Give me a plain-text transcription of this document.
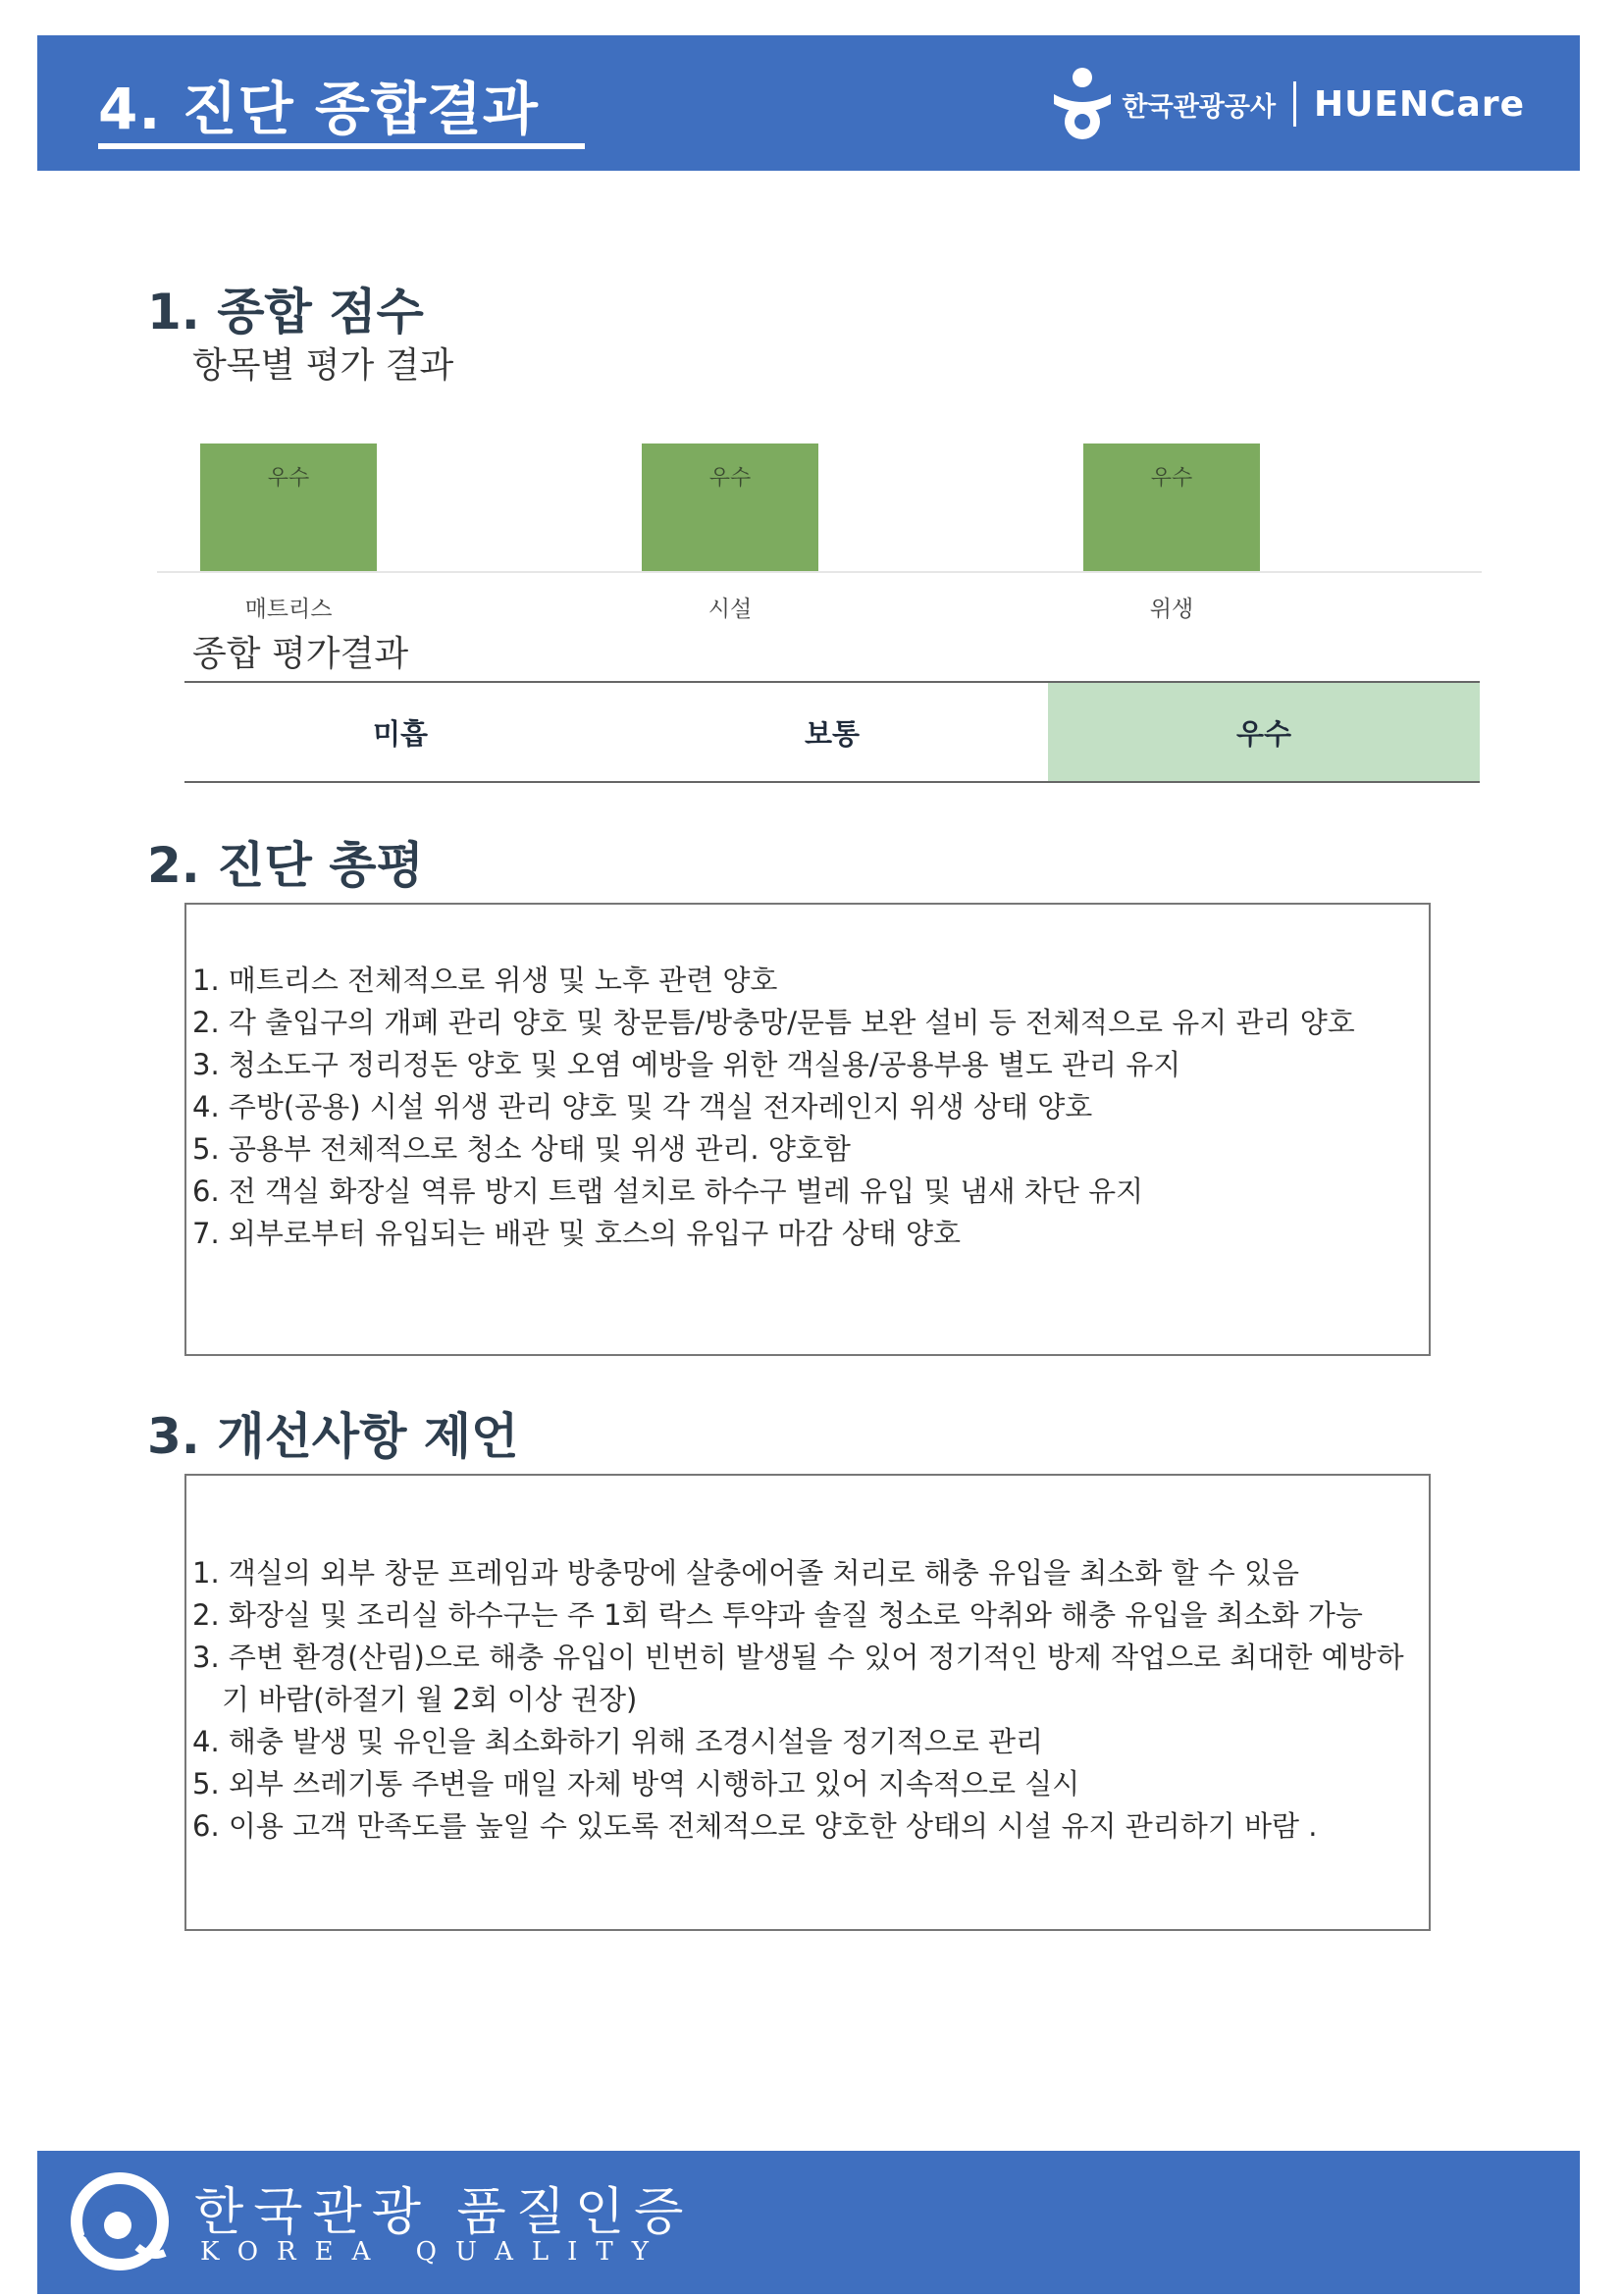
4. 진단 종합결과	한국관광공사 HUENCare
1. 종합 점수
항목별 평가 결과
우수
매트리스
우수
시설
우수
위생
종합 평가결과
미흡	보통	우수
2. 진단 총평
1. 매트리스 전체적으로 위생 및 노후 관련 양호
2. 각 출입구의 개폐 관리 양호 및 창문틈/방충망/문틈 보완 설비 등 전체적으로 유지 관리 양호
3. 청소도구 정리정돈 양호 및 오염 예방을 위한 객실용/공용부용 별도 관리 유지
4. 주방(공용) 시설 위생 관리 양호 및 각 객실 전자레인지 위생 상태 양호
5. 공용부 전체적으로 청소 상태 및 위생 관리. 양호함
6. 전 객실 화장실 역류 방지 트랩 설치로 하수구 벌레 유입 및 냄새 차단 유지
7. 외부로부터 유입되는 배관 및 호스의 유입구 마감 상태 양호
3. 개선사항 제언
1. 객실의 외부 창문 프레임과 방충망에 살충에어졸 처리로 해충 유입을 최소화 할 수 있음
2. 화장실 및 조리실 하수구는 주 1회 락스 투약과 솔질 청소로 악취와 해충 유입을 최소화 가능
3. 주변 환경(산림)으로 해충 유입이 빈번히 발생될 수 있어 정기적인 방제 작업으로 최대한 예방하
기 바람(하절기 월 2회 이상 권장)
4. 해충 발생 및 유인을 최소화하기 위해 조경시설을 정기적으로 관리
5. 외부 쓰레기통 주변을 매일 자체 방역 시행하고 있어 지속적으로 실시
6. 이용 고객 만족도를 높일 수 있도록 전체적으로 양호한 상태의 시설 유지 관리하기 바람 .
한국관광 품질인증
KOREA QUALITY
